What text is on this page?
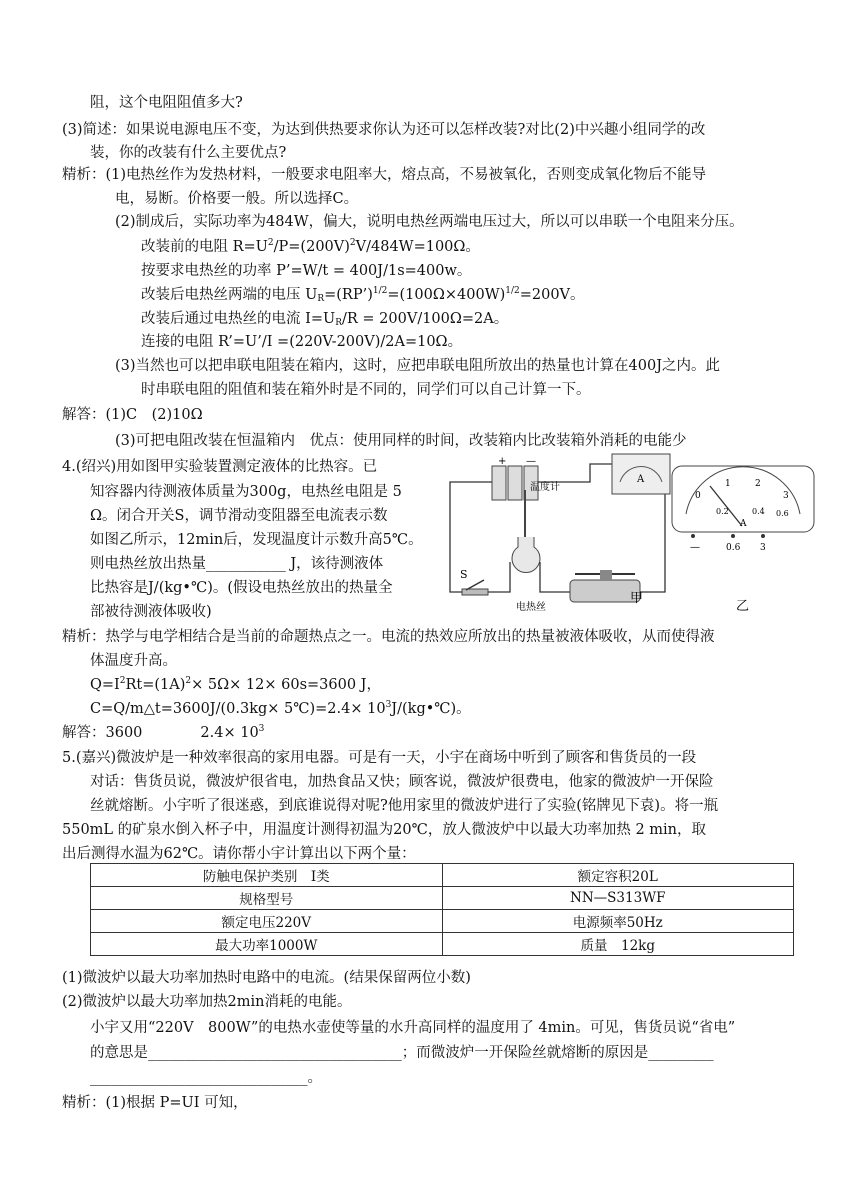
阻，这个电阻阻值多大?
(3)简述：如果说电源电压不变，为达到供热要求你认为还可以怎样改装?对比(2)中兴趣小组同学的改
装，你的改装有什么主要优点?
精析：(1)电热丝作为发热材料，一般要求电阻率大，熔点高，不易被氧化，否则变成氧化物后不能导
电，易断。价格要一般。所以选择C。
(2)制成后，实际功率为484W，偏大，说明电热丝两端电压过大，所以可以串联一个电阻来分压。
改装前的电阻 $R=U^2/P=(200V)^2V/484W=100\Omega$。
按要求电热丝的功率 P’=W/t = 400J/1s=400w。
改装后电热丝两端的电压 $U_R=(RP’)^{1/2}=(100\Omega\times 400W)^{1/2}=200V$。
改装后通过电热丝的电流 $I=U_R/R = 200V/100\Omega=2A$。
连接的电阻 R’=U’/I =(220V-200V)/2A=10Ω。
(3)当然也可以把串联电阻装在箱内，这时，应把串联电阻所放出的热量也计算在400J之内。此
时串联电阻的阻值和装在箱外时是不同的，同学们可以自己计算一下。
解答：(1)C　(2)10Ω
(3)可把电阻改装在恒温箱内　优点：使用同样的时间，改装箱内比改装箱外消耗的电能少
4.(绍兴)用如图甲实验装置测定液体的比热容。已
知容器内待测液体质量为300g，电热丝电阻是 5
Ω。闭合开关S，调节滑动变阻器至电流表示数
如图乙所示，12min后，发现温度计示数升高5℃。
则电热丝放出热量___________ J，该待测液体
比热容是J/(kg•℃)。(假设电热丝放出的热量全
部被待测液体吸收)
精析：热学与电学相结合是当前的命题热点之一。电流的热效应所放出的热量被液体吸收，从而使得液
体温度升高。
$Q=I^2Rt=(1A)^2\times 5\Omega\times 12\times 60s=3600$ J，
C=Q/m△t=3600J/(0.3kg× 5℃)=2.4× $10^3J/(kg•℃)$。
解答：3600　　　　$2.4\times 10^3$
5.(嘉兴)微波炉是一种效率很高的家用电器。可是有一天，小宇在商场中听到了顾客和售货员的一段
对话：售货员说，微波炉很省电，加热食品又快；顾客说，微波炉很费电，他家的微波炉一开保险
丝就熔断。小宇听了很迷惑，到底谁说得对呢?他用家里的微波炉进行了实验(铭牌见下袁)。将一瓶
550mL 的矿泉水倒入杯子中，用温度计测得初温为20℃，放人微波炉中以最大功率加热 2 min，取
出后测得水温为62℃。请你帮小宇计算出以下两个量：
防触电保护类别　I类	额定容积20L
规格型号	NN—S313WF
额定电压220V	电源频率50Hz
最大功率1000W	质量　12kg
(1)微波炉以最大功率加热时电路中的电流。(结果保留两位小数)
(2)微波炉以最大功率加热2min消耗的电能。
小宇又用“220V　800W”的电热水壶使等量的水升高同样的温度用了 4min。可见，售货员说“省电”
的意思是___________________________________；而微波炉一开保险丝就熔断的原因是_________
______________________________。
精析：(1)根据 P=UI 可知，
+ —
S
A
温度计
电热丝
甲
0
1	2
3
0.2	0.4 0.6
A
—	0.6 3
乙
